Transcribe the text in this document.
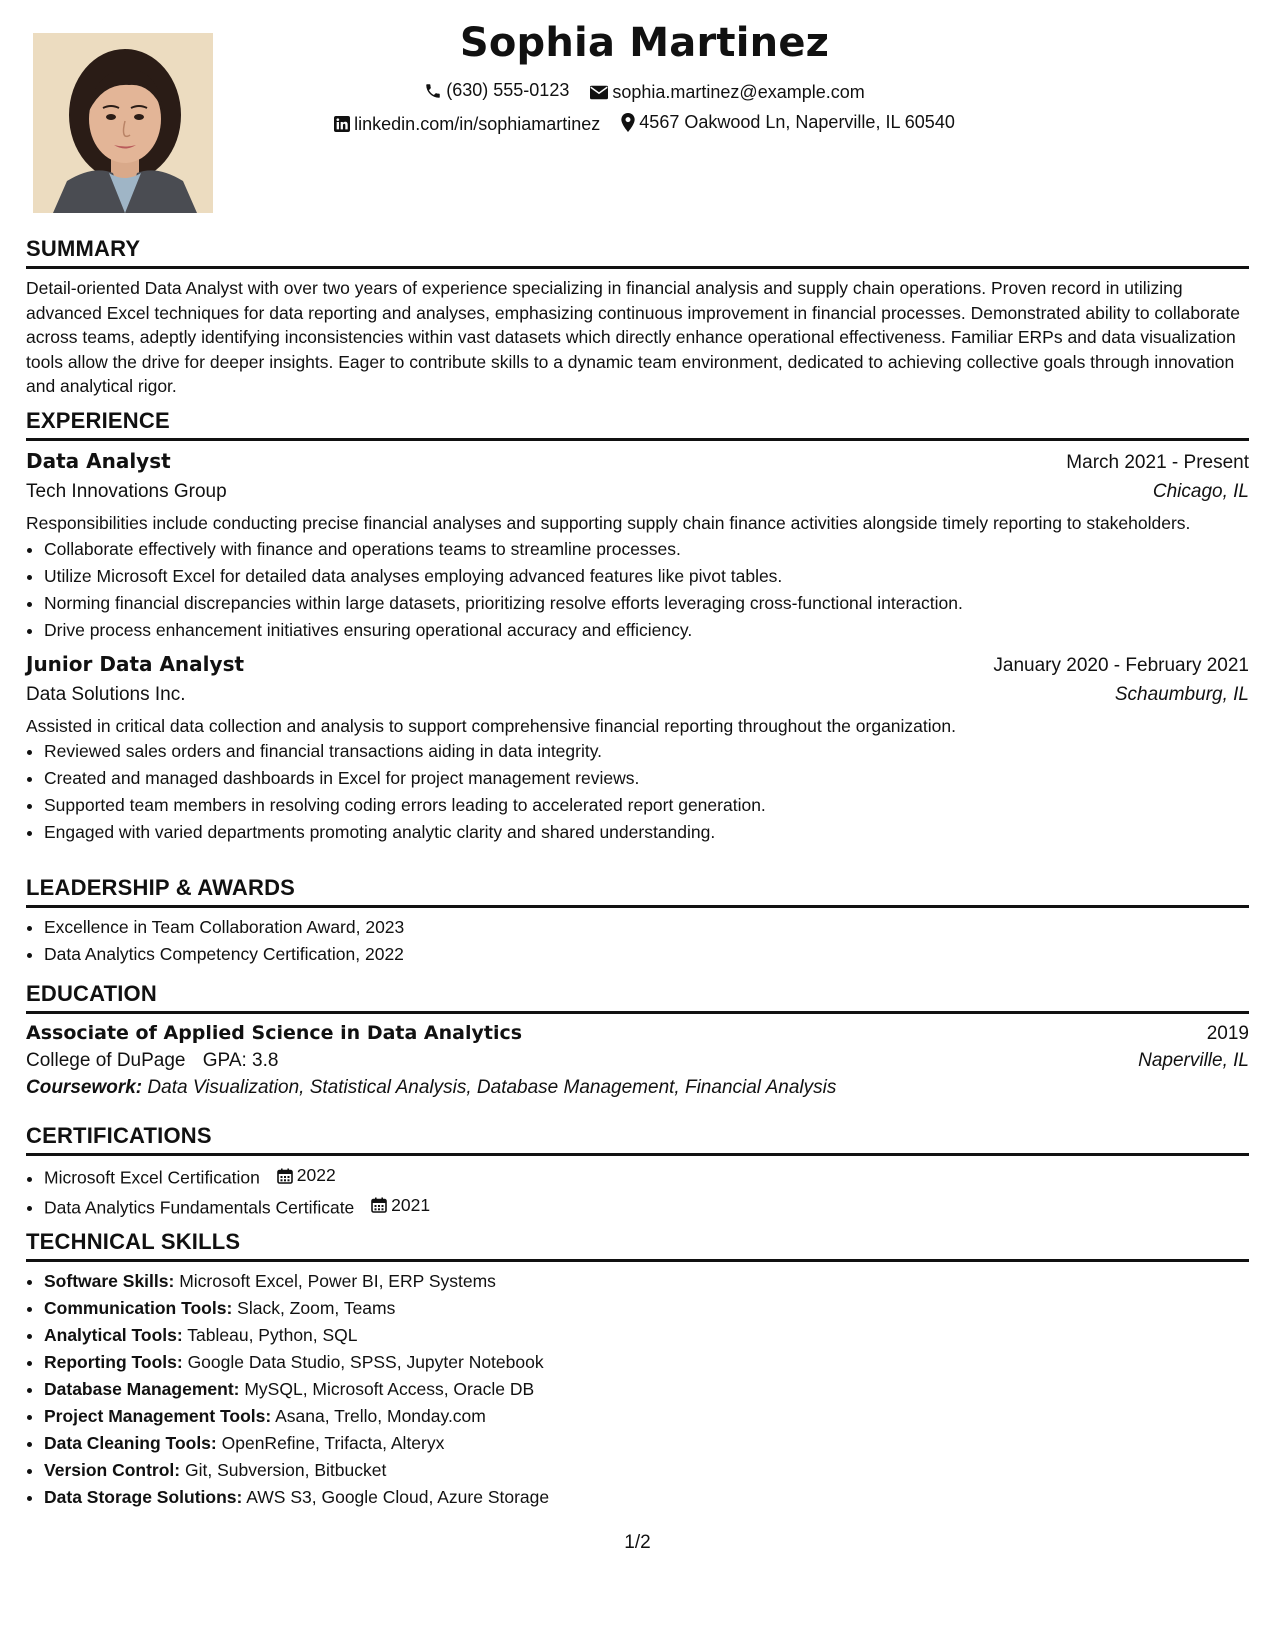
Sophia Martinez
(630) 555-0123
sophia.martinez@example.com
linkedin.com/in/sophiamartinez
4567 Oakwood Ln, Naperville, IL 60540
SUMMARY

Detail-oriented Data Analyst with over two years of experience specializing in financial analysis and supply chain operations. Proven record in utilizing advanced Excel techniques for data reporting and analyses, emphasizing continuous improvement in financial processes. Demonstrated ability to collaborate across teams, adeptly identifying inconsistencies within vast datasets which directly enhance operational effectiveness. Familiar ERPs and data visualization tools allow the drive for deeper insights. Eager to contribute skills to a dynamic team environment, dedicated to achieving collective goals through innovation and analytical rigor.

EXPERIENCE
Data Analyst	March 2021 - Present
Tech Innovations Group	Chicago, IL

Responsibilities include conducting precise financial analyses and supporting supply chain finance activities alongside timely reporting to stakeholders.

• Collaborate effectively with finance and operations teams to streamline processes.
• Utilize Microsoft Excel for detailed data analyses employing advanced features like pivot tables.
• Norming financial discrepancies within large datasets, prioritizing resolve efforts leveraging cross-functional interaction.
• Drive process enhancement initiatives ensuring operational accuracy and efficiency.
Junior Data Analyst	January 2020 - February 2021
Data Solutions Inc.	Schaumburg, IL

Assisted in critical data collection and analysis to support comprehensive financial reporting throughout the organization.

• Reviewed sales orders and financial transactions aiding in data integrity.
• Created and managed dashboards in Excel for project management reviews.
• Supported team members in resolving coding errors leading to accelerated report generation.
• Engaged with varied departments promoting analytic clarity and shared understanding.
LEADERSHIP & AWARDS
• Excellence in Team Collaboration Award, 2023
• Data Analytics Competency Certification, 2022
EDUCATION
Associate of Applied Science in Data Analytics	2019
College of DuPage GPA: 3.8	Naperville, IL
Coursework: Data Visualization, Statistical Analysis, Database Management, Financial Analysis
CERTIFICATIONS
• Microsoft Excel Certification 2022
• Data Analytics Fundamentals Certificate 2021
TECHNICAL SKILLS
• Software Skills: Microsoft Excel, Power BI, ERP Systems
• Communication Tools: Slack, Zoom, Teams
• Analytical Tools: Tableau, Python, SQL
• Reporting Tools: Google Data Studio, SPSS, Jupyter Notebook
• Database Management: MySQL, Microsoft Access, Oracle DB
• Project Management Tools: Asana, Trello, Monday.com
• Data Cleaning Tools: OpenRefine, Trifacta, Alteryx
• Version Control: Git, Subversion, Bitbucket
• Data Storage Solutions: AWS S3, Google Cloud, Azure Storage
1/2
